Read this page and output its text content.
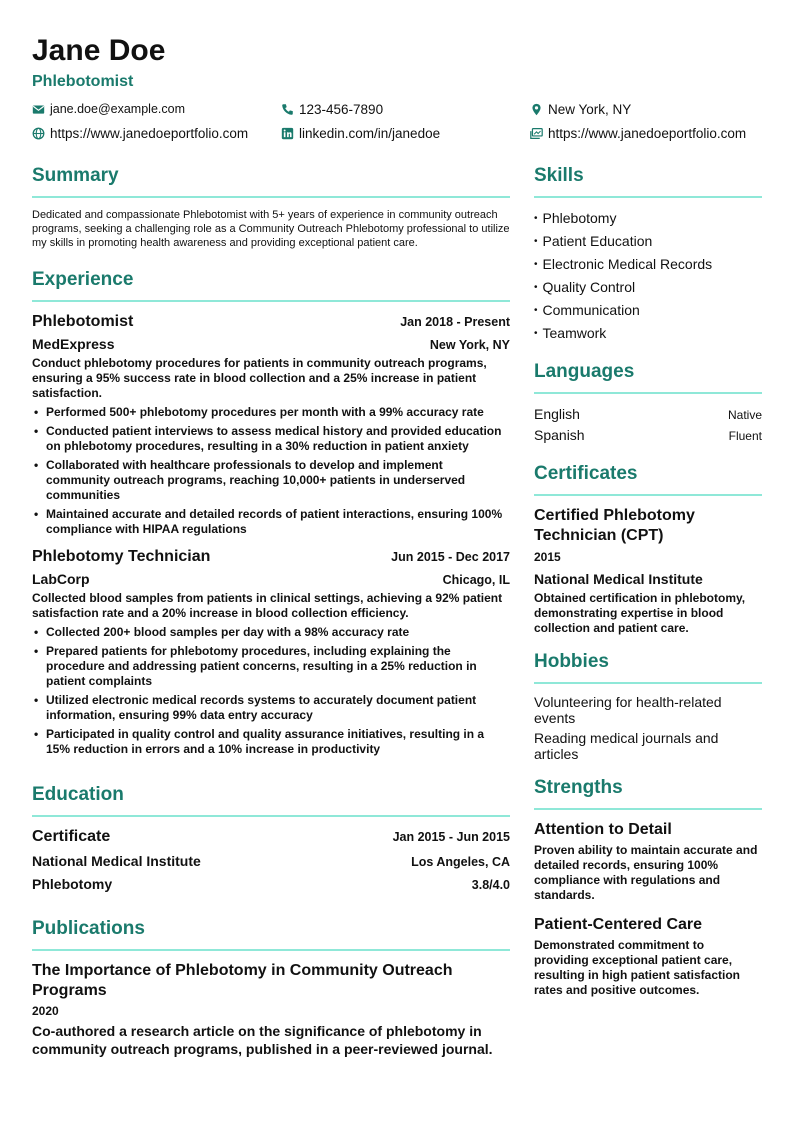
Jane Doe
Phlebotomist
jane.doe@example.com	123-456-7890	New York, NY
https://www.janedoeportfolio.com	linkedin.com/in/janedoe	https://www.janedoeportfolio.com
Summary
Dedicated and compassionate Phlebotomist with 5+ years of experience in community outreach programs, seeking a challenging role as a Community Outreach Phlebotomy professional to utilize my skills in promoting health awareness and providing exceptional patient care.
Experience
Phlebotomist	Jan 2018 - Present
MedExpress	New York, NY
Conduct phlebotomy procedures for patients in community outreach programs, ensuring a 95% success rate in blood collection and a 25% increase in patient satisfaction.
• Performed 500+ phlebotomy procedures per month with a 99% accuracy rate
• Conducted patient interviews to assess medical history and provided education on phlebotomy procedures, resulting in a 30% reduction in patient anxiety
• Collaborated with healthcare professionals to develop and implement community outreach programs, reaching 10,000+ patients in underserved communities
• Maintained accurate and detailed records of patient interactions, ensuring 100% compliance with HIPAA regulations
Phlebotomy Technician	Jun 2015 - Dec 2017
LabCorp	Chicago, IL
Collected blood samples from patients in clinical settings, achieving a 92% patient satisfaction rate and a 20% increase in blood collection efficiency.
• Collected 200+ blood samples per day with a 98% accuracy rate
• Prepared patients for phlebotomy procedures, including explaining the procedure and addressing patient concerns, resulting in a 25% reduction in patient complaints
• Utilized electronic medical records systems to accurately document patient information, ensuring 99% data entry accuracy
• Participated in quality control and quality assurance initiatives, resulting in a 15% reduction in errors and a 10% increase in productivity
Education
Certificate	Jan 2015 - Jun 2015
National Medical Institute	Los Angeles, CA
Phlebotomy	3.8/4.0
Publications
The Importance of Phlebotomy in Community Outreach Programs
2020
Co-authored a research article on the significance of phlebotomy in community outreach programs, published in a peer-reviewed journal.
Skills
• Phlebotomy
• Patient Education
• Electronic Medical Records
• Quality Control
• Communication
• Teamwork
Languages
English	Native
Spanish	Fluent
Certificates
Certified Phlebotomy Technician (CPT)
2015
National Medical Institute
Obtained certification in phlebotomy, demonstrating expertise in blood collection and patient care.
Hobbies
Volunteering for health-related events
Reading medical journals and articles
Strengths
Attention to Detail
Proven ability to maintain accurate and detailed records, ensuring 100% compliance with regulations and standards.
Patient-Centered Care
Demonstrated commitment to providing exceptional patient care, resulting in high patient satisfaction rates and positive outcomes.
